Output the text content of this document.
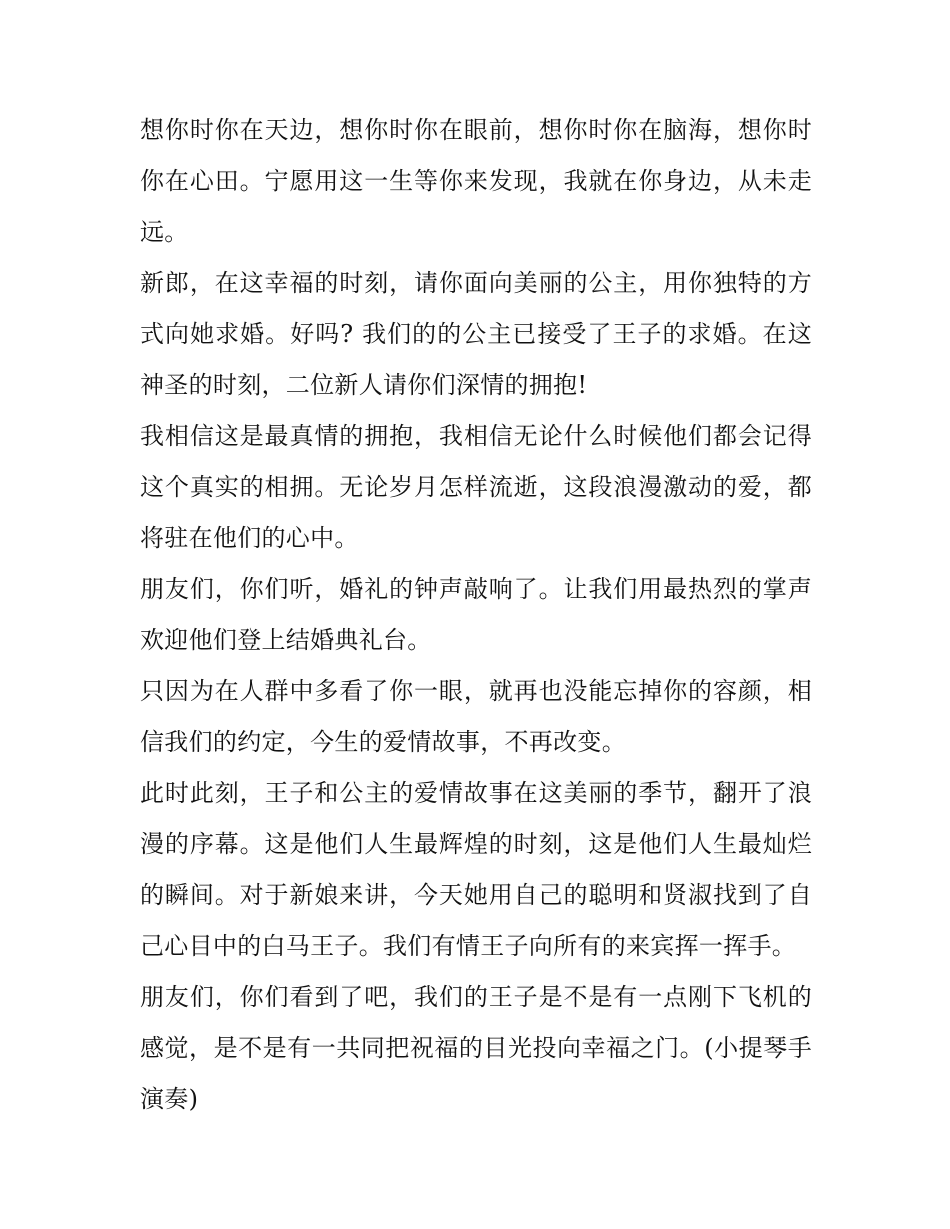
想你时你在天边，想你时你在眼前，想你时你在脑海，想你时你在心田。宁愿用这一生等你来发现，我就在你身边，从未走远。

新郎，在这幸福的时刻，请你面向美丽的公主，用你独特的方式向她求婚。好吗? 我们的的公主已接受了王子的求婚。在这神圣的时刻，二位新人请你们深情的拥抱!

我相信这是最真情的拥抱，我相信无论什么时候他们都会记得这个真实的相拥。无论岁月怎样流逝，这段浪漫激动的爱，都将驻在他们的心中。

朋友们，你们听，婚礼的钟声敲响了。让我们用最热烈的掌声欢迎他们登上结婚典礼台。

只因为在人群中多看了你一眼，就再也没能忘掉你的容颜，相信我们的约定，今生的爱情故事，不再改变。

此时此刻，王子和公主的爱情故事在这美丽的季节，翻开了浪漫的序幕。这是他们人生最辉煌的时刻，这是他们人生最灿烂的瞬间。对于新娘来讲，今天她用自己的聪明和贤淑找到了自己心目中的白马王子。我们有情王子向所有的来宾挥一挥手。

朋友们，你们看到了吧，我们的王子是不是有一点刚下飞机的感觉，是不是有一共同把祝福的目光投向幸福之门。(小提琴手演奏)
